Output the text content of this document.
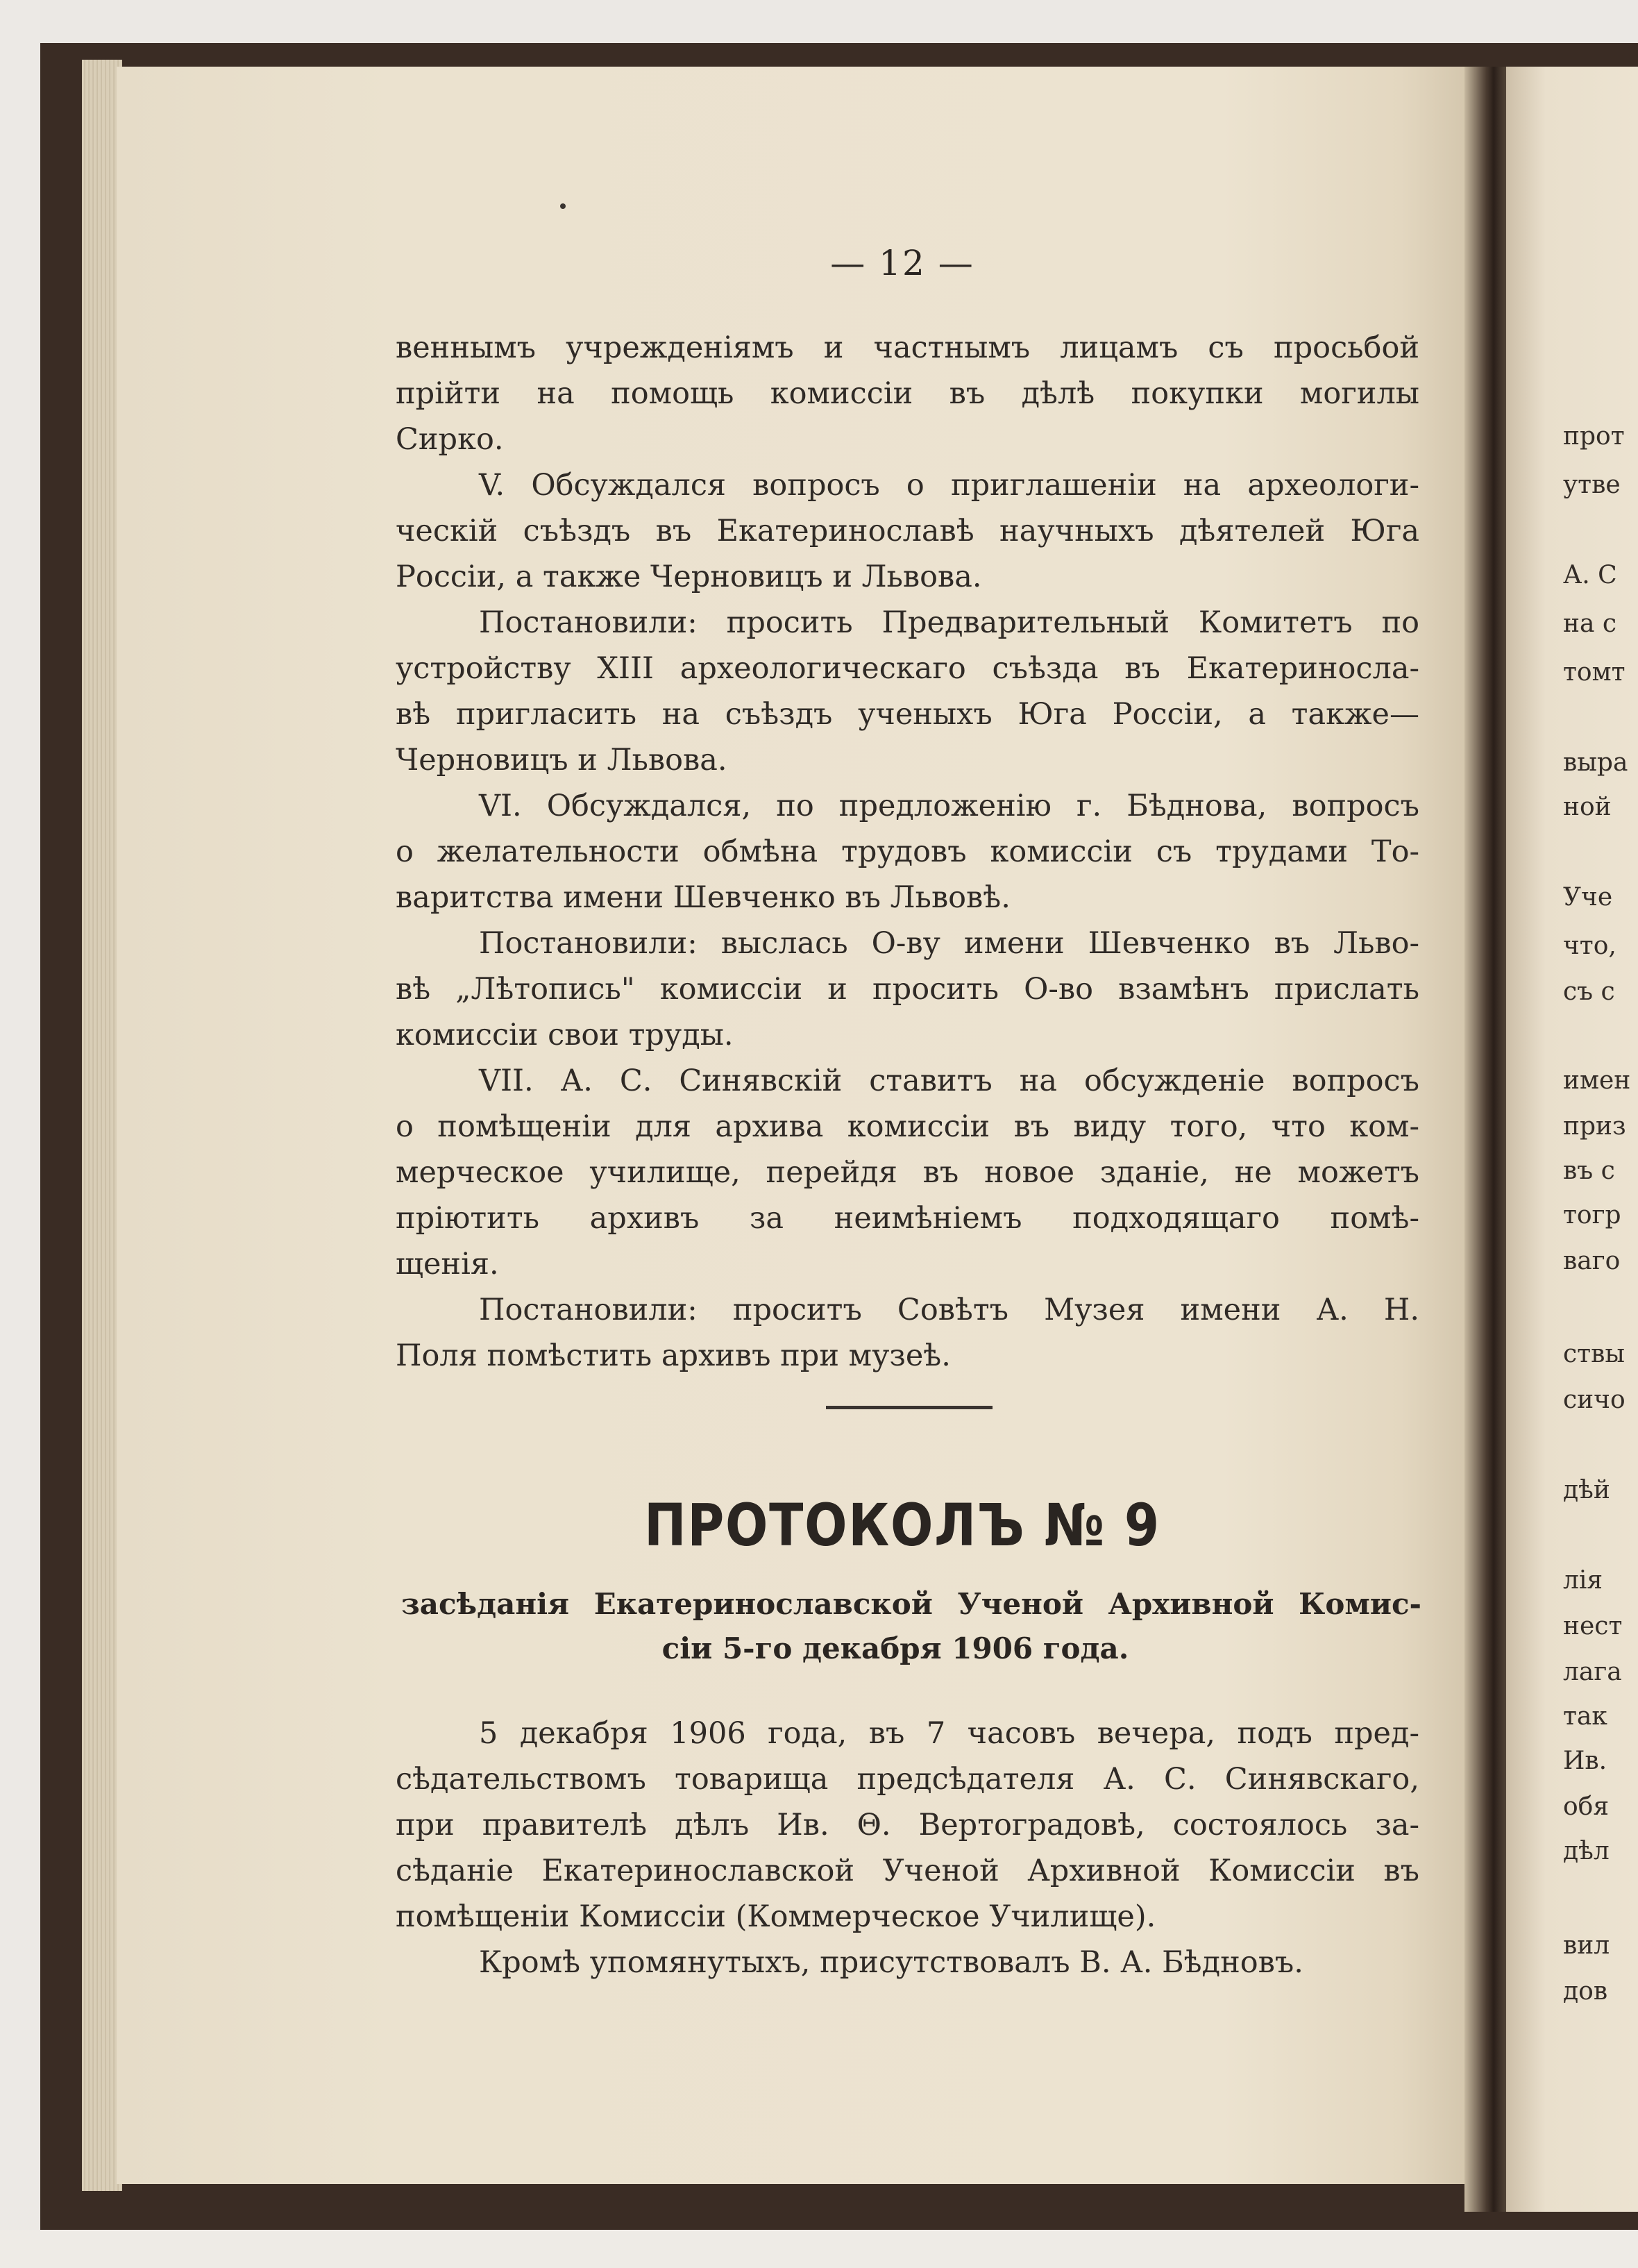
прот
утве
А. С
на с
томт
выра
ной
Уче
что,
съ с
имен
приз
въ с
тогр
ваго
ствы
сичо
дѣй
лія
нест
лага
так
Ив.
обя
дѣл
вил
дов
— 12 —
веннымъ учрежденіямъ и частнымъ лицамъ съ просьбой
прійти на помощь комиссіи въ дѣлѣ покупки могилы
Сирко.
V. Обсуждался вопросъ о приглашеніи на археологи-
ческій съѣздъ въ Екатеринославѣ научныхъ дѣятелей Юга
Россіи, а также Черновицъ и Львова.
Постановили: просить Предварительный Комитетъ по
устройству XIII археологическаго съѣзда въ Екатериносла-
вѣ пригласить на съѣздъ ученыхъ Юга Россіи, а также—
Черновицъ и Львова.
VI. Обсуждался, по предложенію г. Бѣднова, вопросъ
о желательности обмѣна трудовъ комиссіи съ трудами То-
варитства имени Шевченко въ Львовѣ.
Постановили: выслась О-ву имени Шевченко въ Льво-
вѣ „Лѣтопись" комиссіи и просить О-во взамѣнъ прислать
комиссіи свои труды.
VII. А. С. Синявскій ставитъ на обсужденіе вопросъ
о помѣщеніи для архива комиссіи въ виду того, что ком-
мерческое училище, перейдя въ новое зданіе, не можетъ
пріютить архивъ за неимѣніемъ подходящаго помѣ-
щенія.
Постановили: проситъ Совѣтъ Музея имени А. Н.
Поля помѣстить архивъ при музеѣ.
ПРОТОКОЛЪ № 9
засѣданія Екатеринославской Ученой Архивной Комис-
сіи 5-го декабря 1906 года.
5 декабря 1906 года, въ 7 часовъ вечера, подъ пред-
сѣдательствомъ товарища предсѣдателя А. С. Синявскаго,
при правителѣ дѣлъ Ив. Θ. Вертоградовѣ, состоялось за-
сѣданіе Екатеринославской Ученой Архивной Комиссіи въ
помѣщеніи Комиссіи (Коммерческое Училище).
Кромѣ упомянутыхъ, присутствовалъ В. А. Бѣдновъ.
